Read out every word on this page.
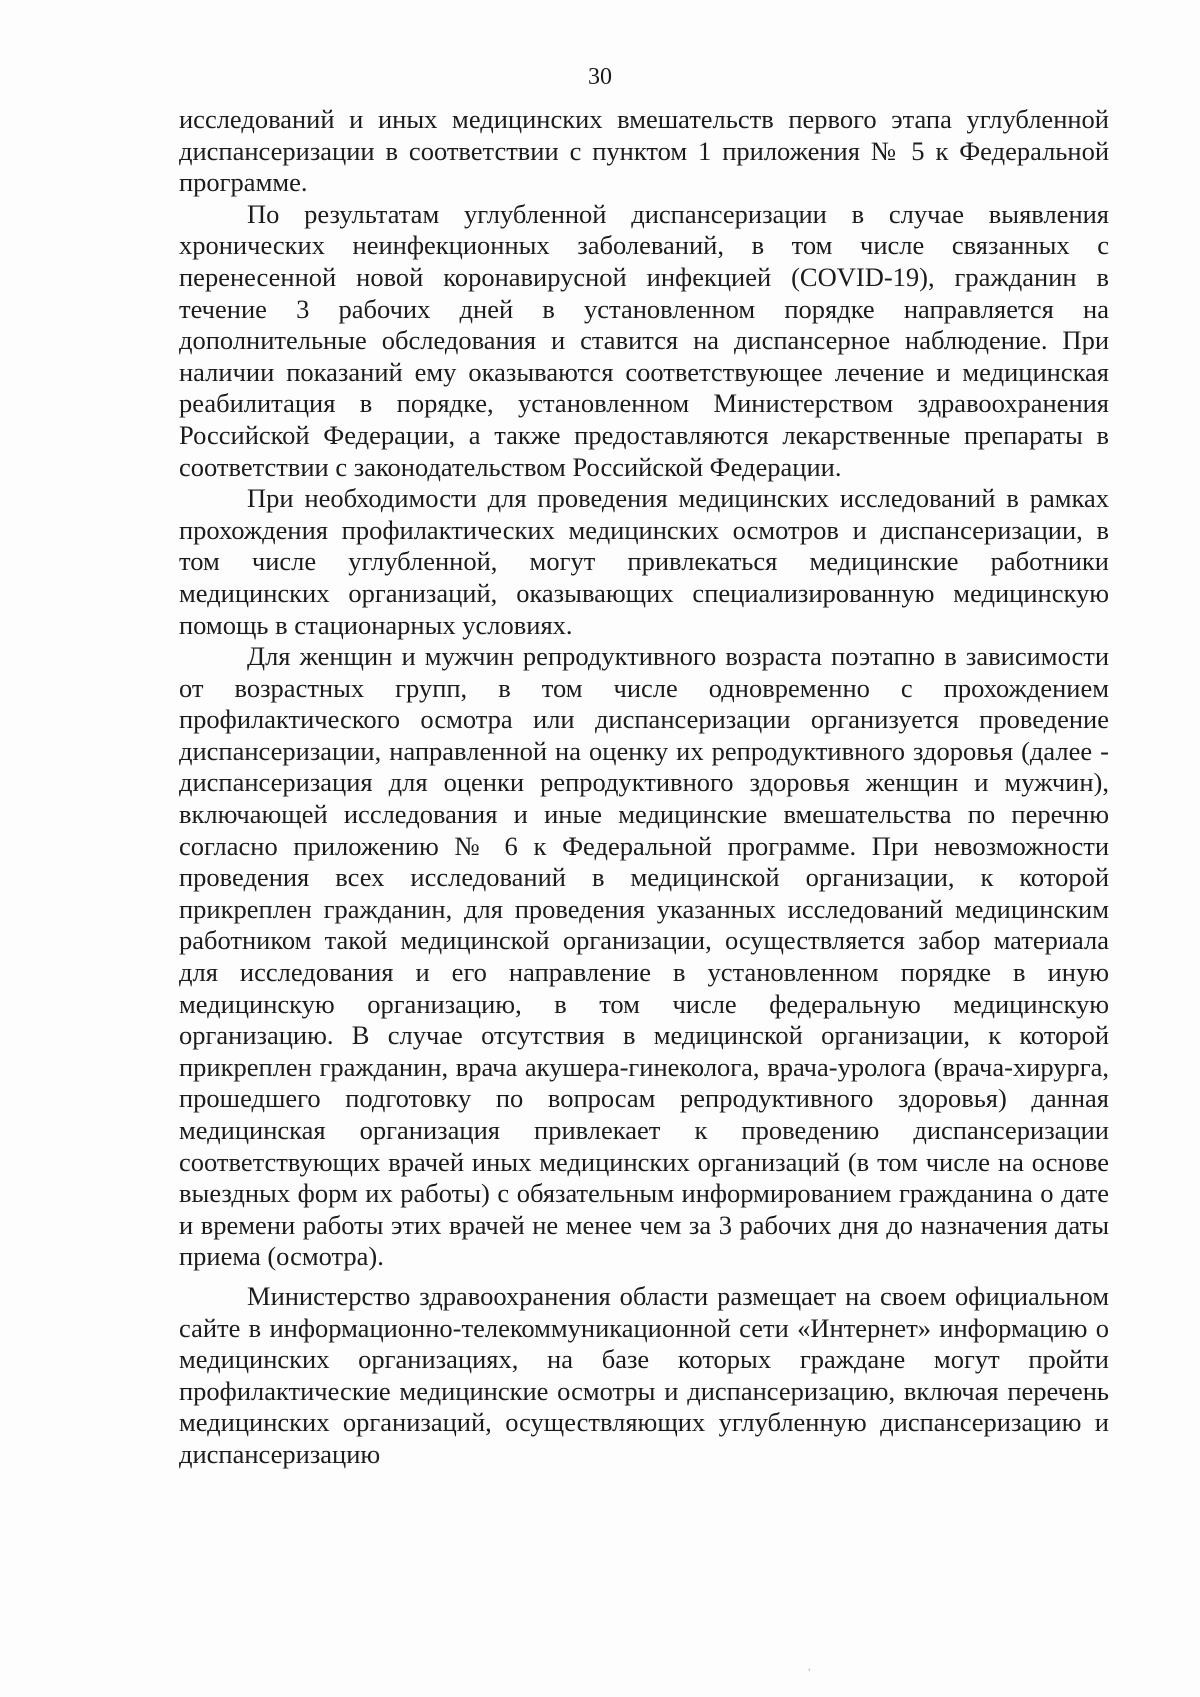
30

исследований и иных медицинских вмешательств первого этапа углубленной диспансеризации в соответствии с пунктом 1 приложения № 5 к Федеральной программе.

По результатам углубленной диспансеризации в случае выявления хронических неинфекционных заболеваний, в том числе связанных с перенесенной новой коронавирусной инфекцией (COVID-19), гражданин в течение 3 рабочих дней в установленном порядке направляется на дополнительные обследования и ставится на диспансерное наблюдение. При наличии показаний ему оказываются соответствующее лечение и медицинская реабилитация в порядке, установленном Министерством здравоохранения Российской Федерации, а также предоставляются лекарственные препараты в соответствии с законодательством Российской Федерации.

При необходимости для проведения медицинских исследований в рамках прохождения профилактических медицинских осмотров и диспансеризации, в том числе углубленной, могут привлекаться медицинские работники медицинских организаций, оказывающих специализированную медицинскую помощь в стационарных условиях.

Для женщин и мужчин репродуктивного возраста поэтапно в зависимости от возрастных групп, в том числе одновременно с прохождением профилактического осмотра или диспансеризации организуется проведение диспансеризации, направленной на оценку их репродуктивного здоровья (далее - диспансеризация для оценки репродуктивного здоровья женщин и мужчин), включающей исследования и иные медицинские вмешательства по перечню согласно приложению № 6 к Федеральной программе. При невозможности проведения всех исследований в медицинской организации, к которой прикреплен гражданин, для проведения указанных исследований медицинским работником такой медицинской организации, осуществляется забор материала для исследования и его направление в установленном порядке в иную медицинскую организацию, в том числе федеральную медицинскую организацию. В случае отсутствия в медицинской организации, к которой прикреплен гражданин, врача акушера-гинеколога, врача-уролога (врача-хирурга, прошедшего подготовку по вопросам репродуктивного здоровья) данная медицинская организация привлекает к проведению диспансеризации соответствующих врачей иных медицинских организаций (в том числе на основе выездных форм их работы) с обязательным информированием гражданина о дате и времени работы этих врачей не менее чем за 3 рабочих дня до назначения даты приема (осмотра).

Министерство здравоохранения области размещает на своем официальном сайте в информационно-телекоммуникационной сети «Интернет» информацию о медицинских организациях, на базе которых граждане могут пройти профилактические медицинские осмотры и диспансеризацию, включая перечень медицинских организаций, осуществляющих углубленную диспансеризацию и диспансеризацию

'
